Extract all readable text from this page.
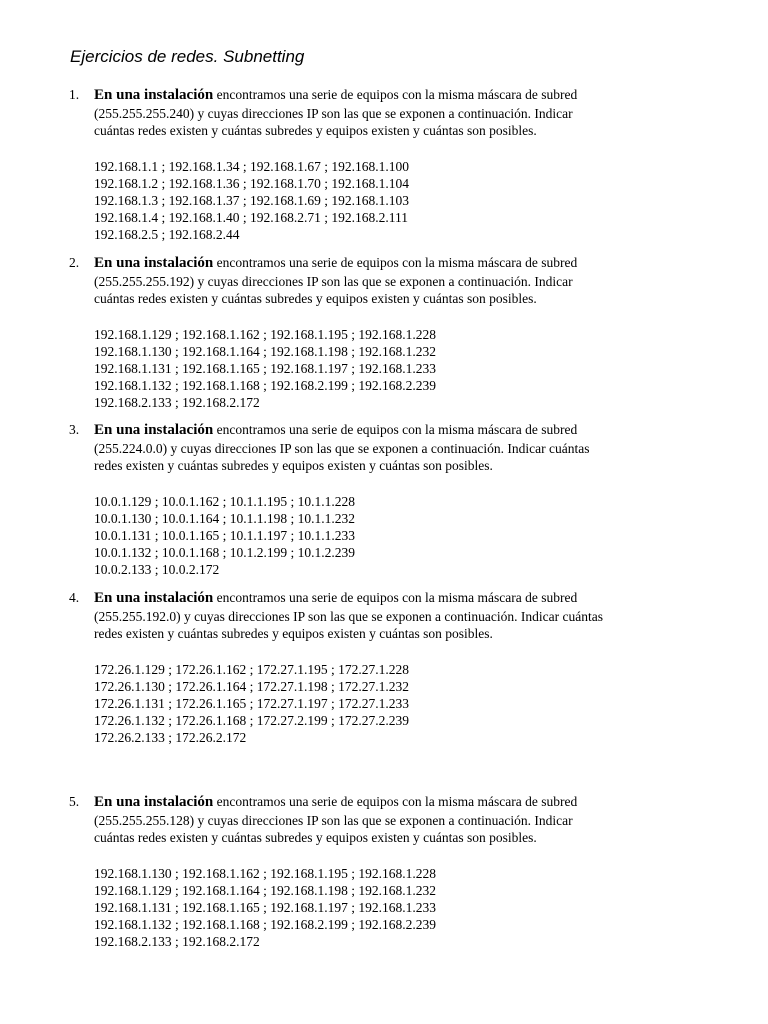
Ejercicios de redes. Subnetting
1. En una instalación encontramos una serie de equipos con la misma máscara de subred
(255.255.255.240) y cuyas direcciones IP son las que se exponen a continuación. Indicar
cuántas redes existen y cuántas subredes y equipos existen y cuántas son posibles.
192.168.1.1 ; 192.168.1.34 ; 192.168.1.67 ; 192.168.1.100
192.168.1.2 ; 192.168.1.36 ; 192.168.1.70 ; 192.168.1.104
192.168.1.3 ; 192.168.1.37 ; 192.168.1.69 ; 192.168.1.103
192.168.1.4 ; 192.168.1.40 ; 192.168.2.71 ; 192.168.2.111
192.168.2.5 ; 192.168.2.44
2. En una instalación encontramos una serie de equipos con la misma máscara de subred
(255.255.255.192) y cuyas direcciones IP son las que se exponen a continuación. Indicar
cuántas redes existen y cuántas subredes y equipos existen y cuántas son posibles.
192.168.1.129 ; 192.168.1.162 ; 192.168.1.195 ; 192.168.1.228
192.168.1.130 ; 192.168.1.164 ; 192.168.1.198 ; 192.168.1.232
192.168.1.131 ; 192.168.1.165 ; 192.168.1.197 ; 192.168.1.233
192.168.1.132 ; 192.168.1.168 ; 192.168.2.199 ; 192.168.2.239
192.168.2.133 ; 192.168.2.172
3. En una instalación encontramos una serie de equipos con la misma máscara de subred
(255.224.0.0) y cuyas direcciones IP son las que se exponen a continuación. Indicar cuántas
redes existen y cuántas subredes y equipos existen y cuántas son posibles.
10.0.1.129 ; 10.0.1.162 ; 10.1.1.195 ; 10.1.1.228
10.0.1.130 ; 10.0.1.164 ; 10.1.1.198 ; 10.1.1.232
10.0.1.131 ; 10.0.1.165 ; 10.1.1.197 ; 10.1.1.233
10.0.1.132 ; 10.0.1.168 ; 10.1.2.199 ; 10.1.2.239
10.0.2.133 ; 10.0.2.172
4. En una instalación encontramos una serie de equipos con la misma máscara de subred
(255.255.192.0) y cuyas direcciones IP son las que se exponen a continuación. Indicar cuántas
redes existen y cuántas subredes y equipos existen y cuántas son posibles.
172.26.1.129 ; 172.26.1.162 ; 172.27.1.195 ; 172.27.1.228
172.26.1.130 ; 172.26.1.164 ; 172.27.1.198 ; 172.27.1.232
172.26.1.131 ; 172.26.1.165 ; 172.27.1.197 ; 172.27.1.233
172.26.1.132 ; 172.26.1.168 ; 172.27.2.199 ; 172.27.2.239
172.26.2.133 ; 172.26.2.172
5. En una instalación encontramos una serie de equipos con la misma máscara de subred
(255.255.255.128) y cuyas direcciones IP son las que se exponen a continuación. Indicar
cuántas redes existen y cuántas subredes y equipos existen y cuántas son posibles.
192.168.1.130 ; 192.168.1.162 ; 192.168.1.195 ; 192.168.1.228
192.168.1.129 ; 192.168.1.164 ; 192.168.1.198 ; 192.168.1.232
192.168.1.131 ; 192.168.1.165 ; 192.168.1.197 ; 192.168.1.233
192.168.1.132 ; 192.168.1.168 ; 192.168.2.199 ; 192.168.2.239
192.168.2.133 ; 192.168.2.172
